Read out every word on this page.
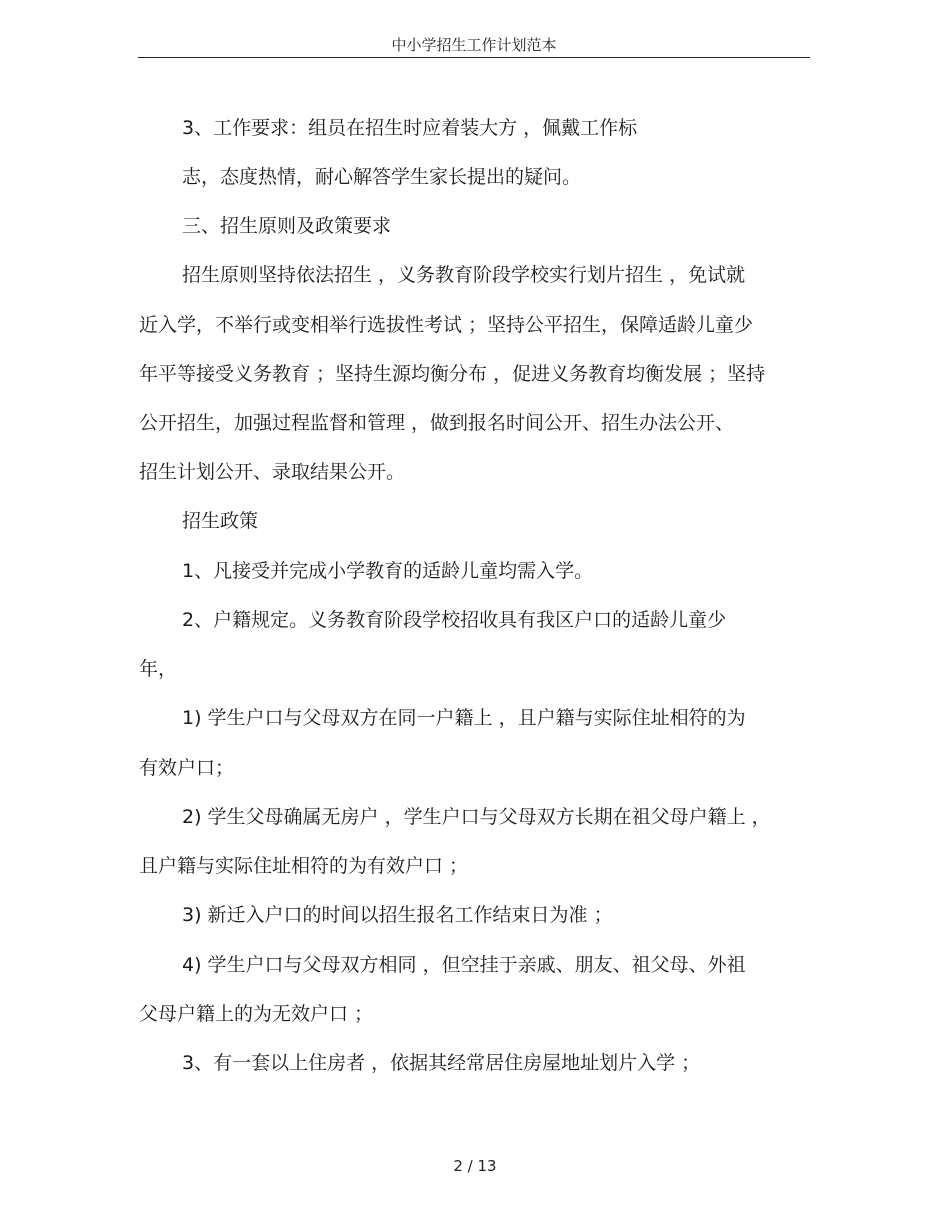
中小学招生工作计划范本
3、工作要求：组员在招生时应着装大方 ，佩戴工作标
志，态度热情，耐心解答学生家长提出的疑问。
三、招生原则及政策要求
招生原则坚持依法招生 ，义务教育阶段学校实行划片招生 ，免试就
近入学，不举行或变相举行选拔性考试 ；坚持公平招生，保障适龄儿童少
年平等接受义务教育 ；坚持生源均衡分布 ，促进义务教育均衡发展 ；坚持
公开招生，加强过程监督和管理 ，做到报名时间公开、招生办法公开、
招生计划公开、录取结果公开。
招生政策
1、凡接受并完成小学教育的适龄儿童均需入学。
2、户籍规定。义务教育阶段学校招收具有我区户口的适龄儿童少
年，
1) 学生户口与父母双方在同一户籍上 ，且户籍与实际住址相符的为
有效户口；
2) 学生父母确属无房户 ，学生户口与父母双方长期在祖父母户籍上 ，
且户籍与实际住址相符的为有效户口 ；
3) 新迁入户口的时间以招生报名工作结束日为准 ；
4) 学生户口与父母双方相同 ，但空挂于亲戚、朋友、祖父母、外祖
父母户籍上的为无效户口 ；
3、有一套以上住房者 ，依据其经常居住房屋地址划片入学 ；
2 / 13
